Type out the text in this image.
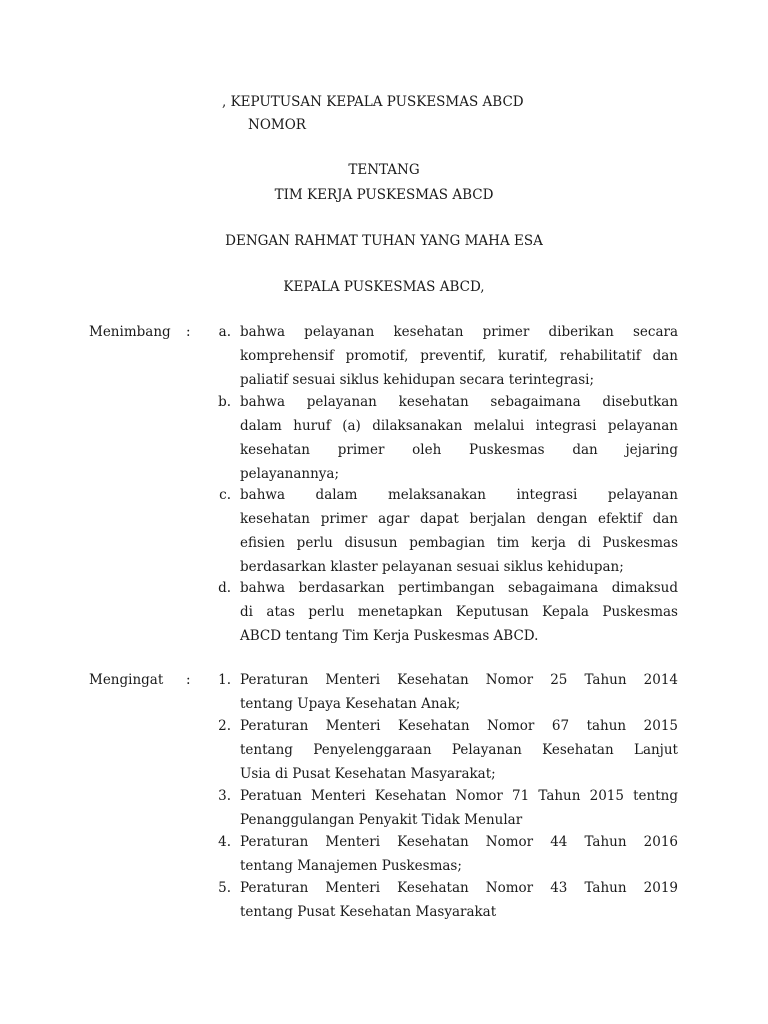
, KEPUTUSAN KEPALA PUSKESMAS ABCD
NOMOR
TENTANG
TIM KERJA PUSKESMAS ABCD
DENGAN RAHMAT TUHAN YANG MAHA ESA
KEPALA PUSKESMAS ABCD,
Menimbang :	a. bahwa pelayanan kesehatan primer diberikan secara
komprehensif promotif, preventif, kuratif, rehabilitatif dan
paliatif sesuai siklus kehidupan secara terintegrasi;
b. bahwa pelayanan kesehatan sebagaimana disebutkan
dalam huruf (a) dilaksanakan melalui integrasi pelayanan
kesehatan primer oleh Puskesmas dan jejaring
pelayanannya;
c. bahwa dalam melaksanakan integrasi pelayanan
kesehatan primer agar dapat berjalan dengan efektif dan
efisien perlu disusun pembagian tim kerja di Puskesmas
berdasarkan klaster pelayanan sesuai siklus kehidupan;
d. bahwa berdasarkan pertimbangan sebagaimana dimaksud
di atas perlu menetapkan Keputusan Kepala Puskesmas
ABCD tentang Tim Kerja Puskesmas ABCD.
Mengingat :	1. Peraturan Menteri Kesehatan Nomor 25 Tahun 2014
tentang Upaya Kesehatan Anak;
2. Peraturan Menteri Kesehatan Nomor 67 tahun 2015
tentang Penyelenggaraan Pelayanan Kesehatan Lanjut
Usia di Pusat Kesehatan Masyarakat;
3. Peratuan Menteri Kesehatan Nomor 71 Tahun 2015 tentng
Penanggulangan Penyakit Tidak Menular
4. Peraturan Menteri Kesehatan Nomor 44 Tahun 2016
tentang Manajemen Puskesmas;
5. Peraturan Menteri Kesehatan Nomor 43 Tahun 2019
tentang Pusat Kesehatan Masyarakat
